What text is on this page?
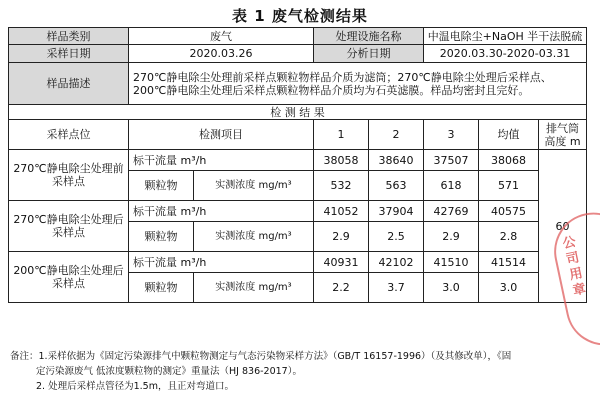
表 1 废气检测结果
样品类别	废气		处理设施名称		中温电除尘+NaOH 半干法脱硫		
采样日期	2020.03.26		分析日期		2020.03.30-2020-03.31		
样品描述	270℃静电除尘处理前采样点颗粒物样品介质为滤筒；270℃静电除尘处理后采样点、200℃静电除尘处理后采样点颗粒物样品介质均为石英滤膜。样品均密封且完好。						
检 测 结 果							
采样点位	检测项目		1	2	3	均值	排气筒高度 m
270℃静电除尘处理前采样点	标干流量 m³/h		38058	38640	37507	38068	60
	颗粒物	实测浓度 mg/m³	532	563	618	571	
270℃静电除尘处理后采样点	标干流量 m³/h		41052	37904	42769	40575	
	颗粒物	实测浓度 mg/m³	2.9	2.5	2.9	2.8	
200℃静电除尘处理后采样点	标干流量 m³/h		40931	42102	41510	41514	
	颗粒物	实测浓度 mg/m³	2.2	3.7	3.0	3.0	
备注：1.采样依据为《固定污染源排气中颗粒物测定与气态污染物采样方法》（GB/T 16157-1996）（及其修改单），《固
定污染源废气 低浓度颗粒物的测定》重量法（HJ 836-2017）。
2. 处理后采样点管径为1.5m，且正对弯道口。
公司用章
